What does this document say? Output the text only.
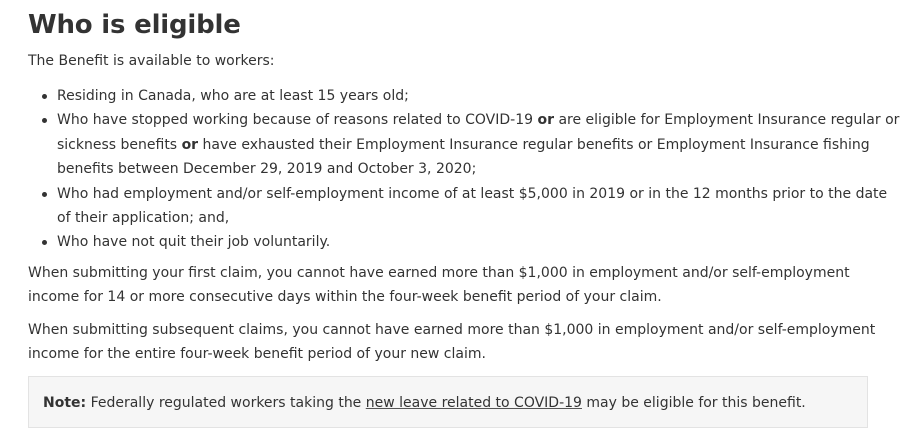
Who is eligible

The Benefit is available to workers:

Residing in Canada, who are at least 15 years old;
Who have stopped working because of reasons related to COVID-19 or are eligible for Employment Insurance regular or sickness benefits or have exhausted their Employment Insurance regular benefits or Employment Insurance fishing benefits between December 29, 2019 and October 3, 2020;
Who had employment and/or self-employment income of at least $5,000 in 2019 or in the 12 months prior to the date of their application; and,
Who have not quit their job voluntarily.

When submitting your first claim, you cannot have earned more than $1,000 in employment and/or self-employment income for 14 or more consecutive days within the four-week benefit period of your claim.

When submitting subsequent claims, you cannot have earned more than $1,000 in employment and/or self-employment income for the entire four-week benefit period of your new claim.

Note: Federally regulated workers taking the new leave related to COVID-19 may be eligible for this benefit.
